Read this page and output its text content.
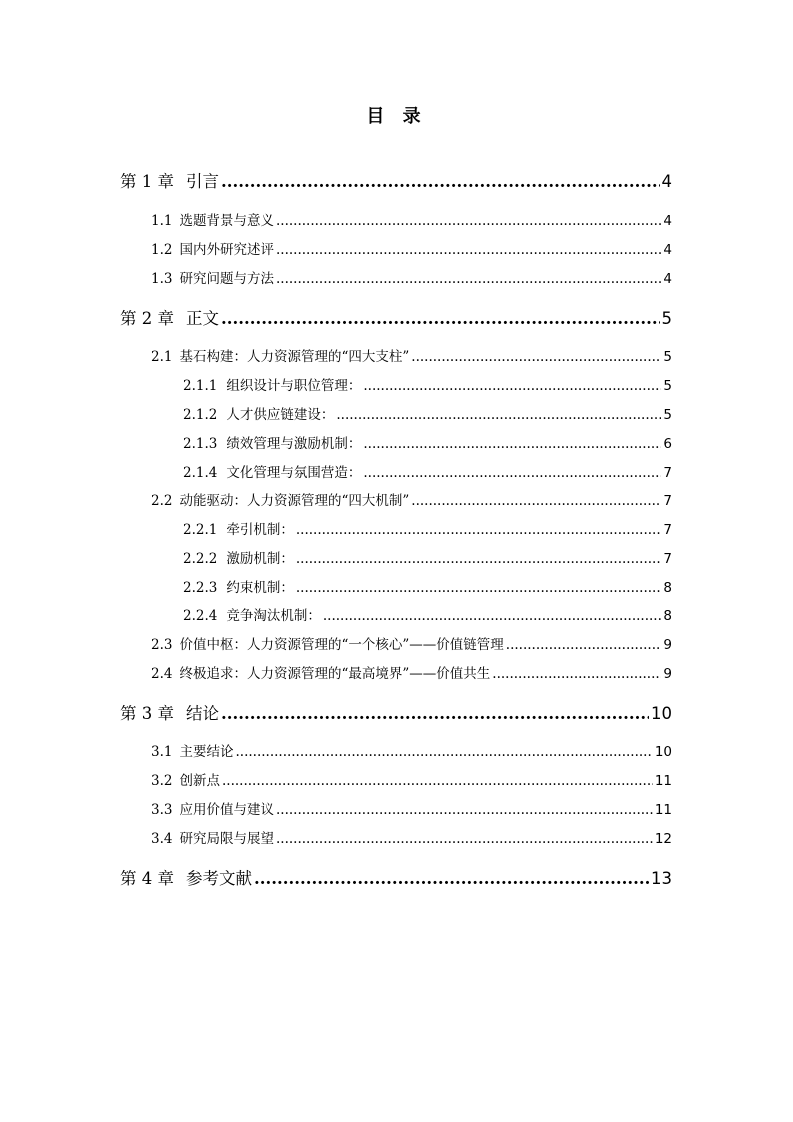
目 录
第 1 章 引言 .....	4
1.1 选题背景与意义 .....	4
1.2 国内外研究述评 .....	4
1.3 研究问题与方法 .....	4
第 2 章 正文 .....	5
2.1 基石构建：人力资源管理的“四大支柱” .....	5
2.1.1 组织设计与职位管理： .....	5
2.1.2 人才供应链建设： .....	5
2.1.3 绩效管理与激励机制： .....	6
2.1.4 文化管理与氛围营造： .....	7
2.2 动能驱动：人力资源管理的“四大机制” .....	7
2.2.1 牵引机制： .....	7
2.2.2 激励机制： .....	7
2.2.3 约束机制： .....	8
2.2.4 竞争淘汰机制： .....	8
2.3 价值中枢：人力资源管理的“一个核心”——价值链管理 .....	9
2.4 终极追求：人力资源管理的“最高境界”——价值共生 .....	9
第 3 章 结论 .....	10
3.1 主要结论 .....	10
3.2 创新点 .....	11
3.3 应用价值与建议 .....	11
3.4 研究局限与展望 .....	12
第 4 章 参考文献 .....	13
